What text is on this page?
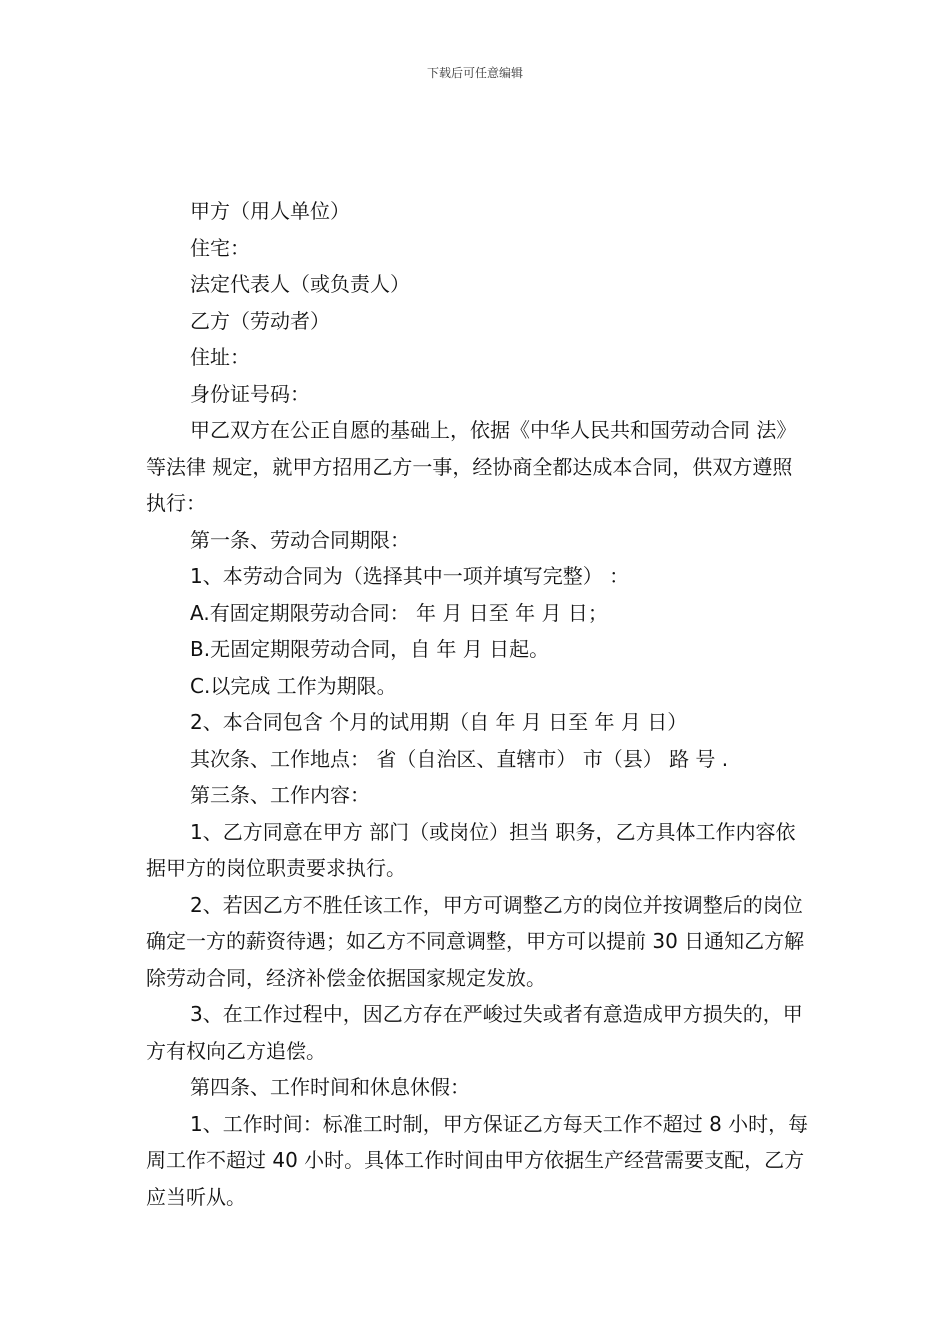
下载后可任意编辑

甲方（用人单位）

住宅：

法定代表人（或负责人）

乙方（劳动者）

住址：

身份证号码：

甲乙双方在公正自愿的基础上，依据《中华人民共和国劳动合同 法》等法律 规定，就甲方招用乙方一事，经协商全都达成本合同，供双方遵照执行：

第一条、劳动合同期限：

1、本劳动合同为（选择其中一项并填写完整） ：

A.有固定期限劳动合同： 年 月 日至 年 月 日；

B.无固定期限劳动合同，自 年 月 日起。

C.以完成 工作为期限。

2、本合同包含 个月的试用期（自 年 月 日至 年 月 日）

其次条、工作地点： 省（自治区、直辖市） 市（县） 路 号 .

第三条、工作内容：

1、乙方同意在甲方 部门（或岗位）担当 职务，乙方具体工作内容依据甲方的岗位职责要求执行。

2、若因乙方不胜任该工作，甲方可调整乙方的岗位并按调整后的岗位确定一方的薪资待遇；如乙方不同意调整，甲方可以提前 30 日通知乙方解除劳动合同，经济补偿金依据国家规定发放。

3、在工作过程中，因乙方存在严峻过失或者有意造成甲方损失的，甲方有权向乙方追偿。

第四条、工作时间和休息休假：

1、工作时间：标准工时制，甲方保证乙方每天工作不超过 8 小时，每周工作不超过 40 小时。具体工作时间由甲方依据生产经营需要支配，乙方应当听从。
